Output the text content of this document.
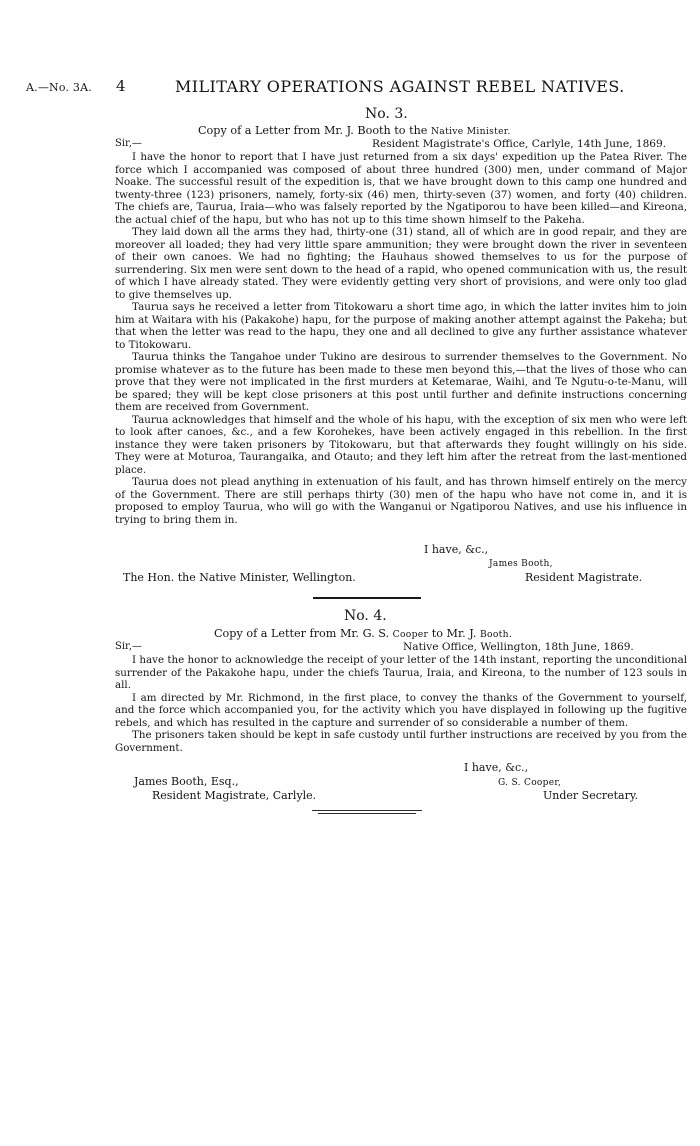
A.—No. 3A. 4	MILITARY OPERATIONS AGAINST REBEL NATIVES.
No. 3.
Copy of a Letter from Mr. J. Booth to the Native Minister.
Sir,—	Resident Magistrate's Office, Carlyle, 14th June, 1869.

I have the honor to report that I have just returned from a six days' expedition up the Patea River. The force which I accompanied was composed of about three hundred (300) men, under command of Major Noake. The successful result of the expedition is, that we have brought down to this camp one hundred and twenty-three (123) prisoners, namely, forty-six (46) men, thirty-seven (37) women, and forty (40) children. The chiefs are, Taurua, Iraia—who was falsely reported by the Ngatiporou to have been killed—and Kireona, the actual chief of the hapu, but who has not up to this time shown himself to the Pakeha.

They laid down all the arms they had, thirty-one (31) stand, all of which are in good repair, and they are moreover all loaded; they had very little spare ammunition; they were brought down the river in seventeen of their own canoes. We had no fighting; the Hauhaus showed themselves to us for the purpose of surrendering. Six men were sent down to the head of a rapid, who opened communication with us, the result of which I have already stated. They were evidently getting very short of provisions, and were only too glad to give themselves up.

Taurua says he received a letter from Titokowaru a short time ago, in which the latter invites him to join him at Waitara with his (Pakakohe) hapu, for the purpose of making another attempt against the Pakeha; but that when the letter was read to the hapu, they one and all declined to give any further assistance whatever to Titokowaru.

Taurua thinks the Tangahoe under Tukino are desirous to surrender themselves to the Government. No promise whatever as to the future has been made to these men beyond this,—that the lives of those who can prove that they were not implicated in the first murders at Ketemarae, Waihi, and Te Ngutu-o-te-Manu, will be spared; they will be kept close prisoners at this post until further and definite instructions concerning them are received from Government.

Taurua acknowledges that himself and the whole of his hapu, with the exception of six men who were left to look after canoes, &c., and a few Korohekes, have been actively engaged in this rebellion. In the first instance they were taken prisoners by Titokowaru, but that afterwards they fought willingly on his side. They were at Moturoa, Taurangaika, and Otauto; and they left him after the retreat from the last-mentioned place.

Taurua does not plead anything in extenuation of his fault, and has thrown himself entirely on the mercy of the Government. There are still perhaps thirty (30) men of the hapu who have not come in, and it is proposed to employ Taurua, who will go with the Wanganui or Ngatiporou Natives, and use his influence in trying to bring them in.

I have, &c.,
James Booth,
The Hon. the Native Minister, Wellington.	Resident Magistrate.
No. 4.
Copy of a Letter from Mr. G. S. Cooper to Mr. J. Booth.
Sir,—	Native Office, Wellington, 18th June, 1869.

I have the honor to acknowledge the receipt of your letter of the 14th instant, reporting the unconditional surrender of the Pakakohe hapu, under the chiefs Taurua, Iraia, and Kireona, to the number of 123 souls in all.

I am directed by Mr. Richmond, in the first place, to convey the thanks of the Government to yourself, and the force which accompanied you, for the activity which you have displayed in following up the fugitive rebels, and which has resulted in the capture and surrender of so considerable a number of them.

The prisoners taken should be kept in safe custody until further instructions are received by you from the Government.

I have, &c.,
James Booth, Esq.,	G. S. Cooper,
Resident Magistrate, Carlyle.	Under Secretary.
